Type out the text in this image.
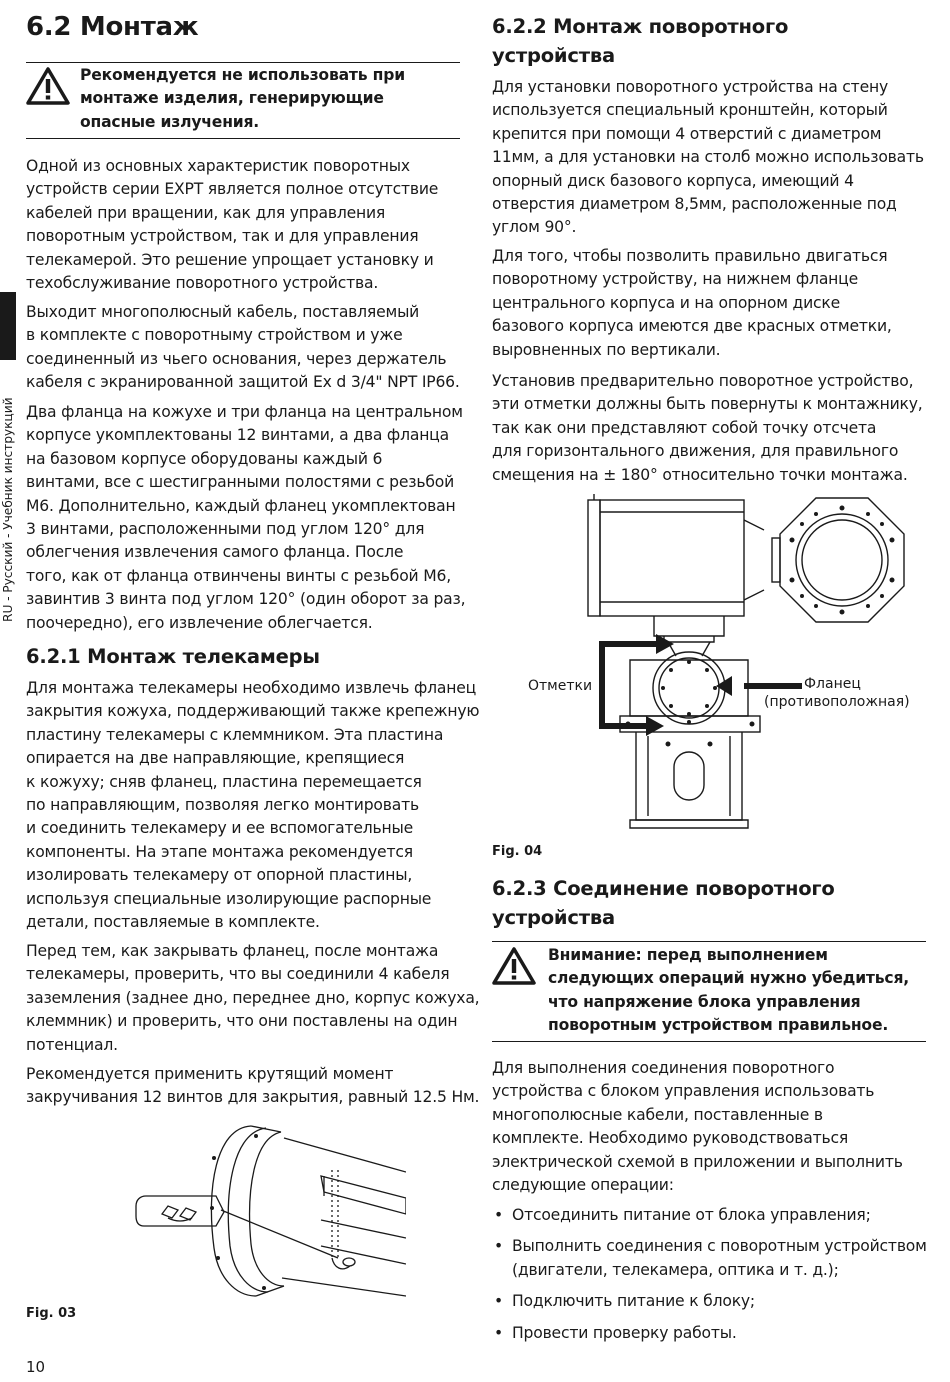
RU - Русский - Учебник инструкций
6.2 Монтаж
Рекомендуется не использовать при
монтаже изделия, генерирующие
опасные излучения.

Одной из основных характеристик поворотных
устройств серии EXPT является полное отсутствие
кабелей при вращении, как для управления
поворотным устройством, так и для управления
телекамерой. Это решение упрощает установку и
техобслуживание поворотного устройства.

Выходит многополюсный кабель, поставляемый
в комплекте с поворотныму стройством и уже
соединенный из чьего основания, через держатель
кабеля с экранированной защитой Ex d 3/4" NPT IP66.

Два фланца на кожухе и три фланца на центральном
корпусе укомплектованы 12 винтами, а два фланца
на базовом корпусе оборудованы каждый 6
винтами, все с шестигранными полостями с резьбой
M6. Дополнительно, каждый фланец укомплектован
3 винтами, расположенными под углом 120° для
облегчения извлечения самого фланца. После
того, как от фланца отвинчены винты с резьбой M6,
завинтив 3 винта под углом 120° (один оборот за раз,
поочередно), его извлечение облегчается.

6.2.1 Монтаж телекамеры

Для монтажа телекамеры необходимо извлечь фланец
закрытия кожуха, поддерживающий также крепежную
пластину телекамеры с клеммником. Эта пластина
опирается на две направляющие, крепящиеся
к кожуху; сняв фланец, пластина перемещается
по направляющим, позволяя легко монтировать
и соединить телекамеру и ее вспомогательные
компоненты. На этапе монтажа рекомендуется
изолировать телекамеру от опорной пластины,
используя специальные изолирующие распорные
детали, поставляемые в комплекте.

Перед тем, как закрывать фланец, после монтажа
телекамеры, проверить, что вы соединили 4 кабеля
заземления (заднее дно, переднее дно, корпус кожуха,
клеммник) и проверить, что они поставлены на один
потенциал.

Рекомендуется применить крутящий момент
закручивания 12 винтов для закрытия, равный 12.5 Нм.

Fig. 03

6.2.2 Монтаж поворотного
устройства

Для установки поворотного устройства на стену
используется специальный кронштейн, который
крепится при помощи 4 отверстий с диаметром
11мм, а для установки на столб можно использовать
опорный диск базового корпуса, имеющий 4
отверстия диаметром 8,5мм, расположенные под
углом 90°.

Для того, чтобы позволить правильно двигаться
поворотному устройству, на нижнем фланце
центрального корпуса и на опорном диске
базового корпуса имеются две красных отметки,
выровненных по вертикали.

Установив предварительно поворотное устройство,
эти отметки должны быть повернуты к монтажнику,
так как они представляют собой точку отсчета
для горизонтального движения, для правильного
смещения на ± 180° относительно точки монтажа.

Отметки	Фланец
(противоположная)

Fig. 04

6.2.3 Соединение поворотного
устройства
Внимание: перед выполнением
следующих операций нужно убедиться,
что напряжение блока управления
поворотным устройством правильное.

Для выполнения соединения поворотного
устройства с блоком управления использовать
многополюсные кабели, поставленные в
комплекте. Необходимо руководствоваться
электрической схемой в приложении и выполнить
следующие операции:

• Отсоединить питание от блока управления;
• Выполнить соединения с поворотным устройством
(двигатели, телекамера, оптика и т. д.);
• Подключить питание к блоку;
• Провести проверку работы.

10
